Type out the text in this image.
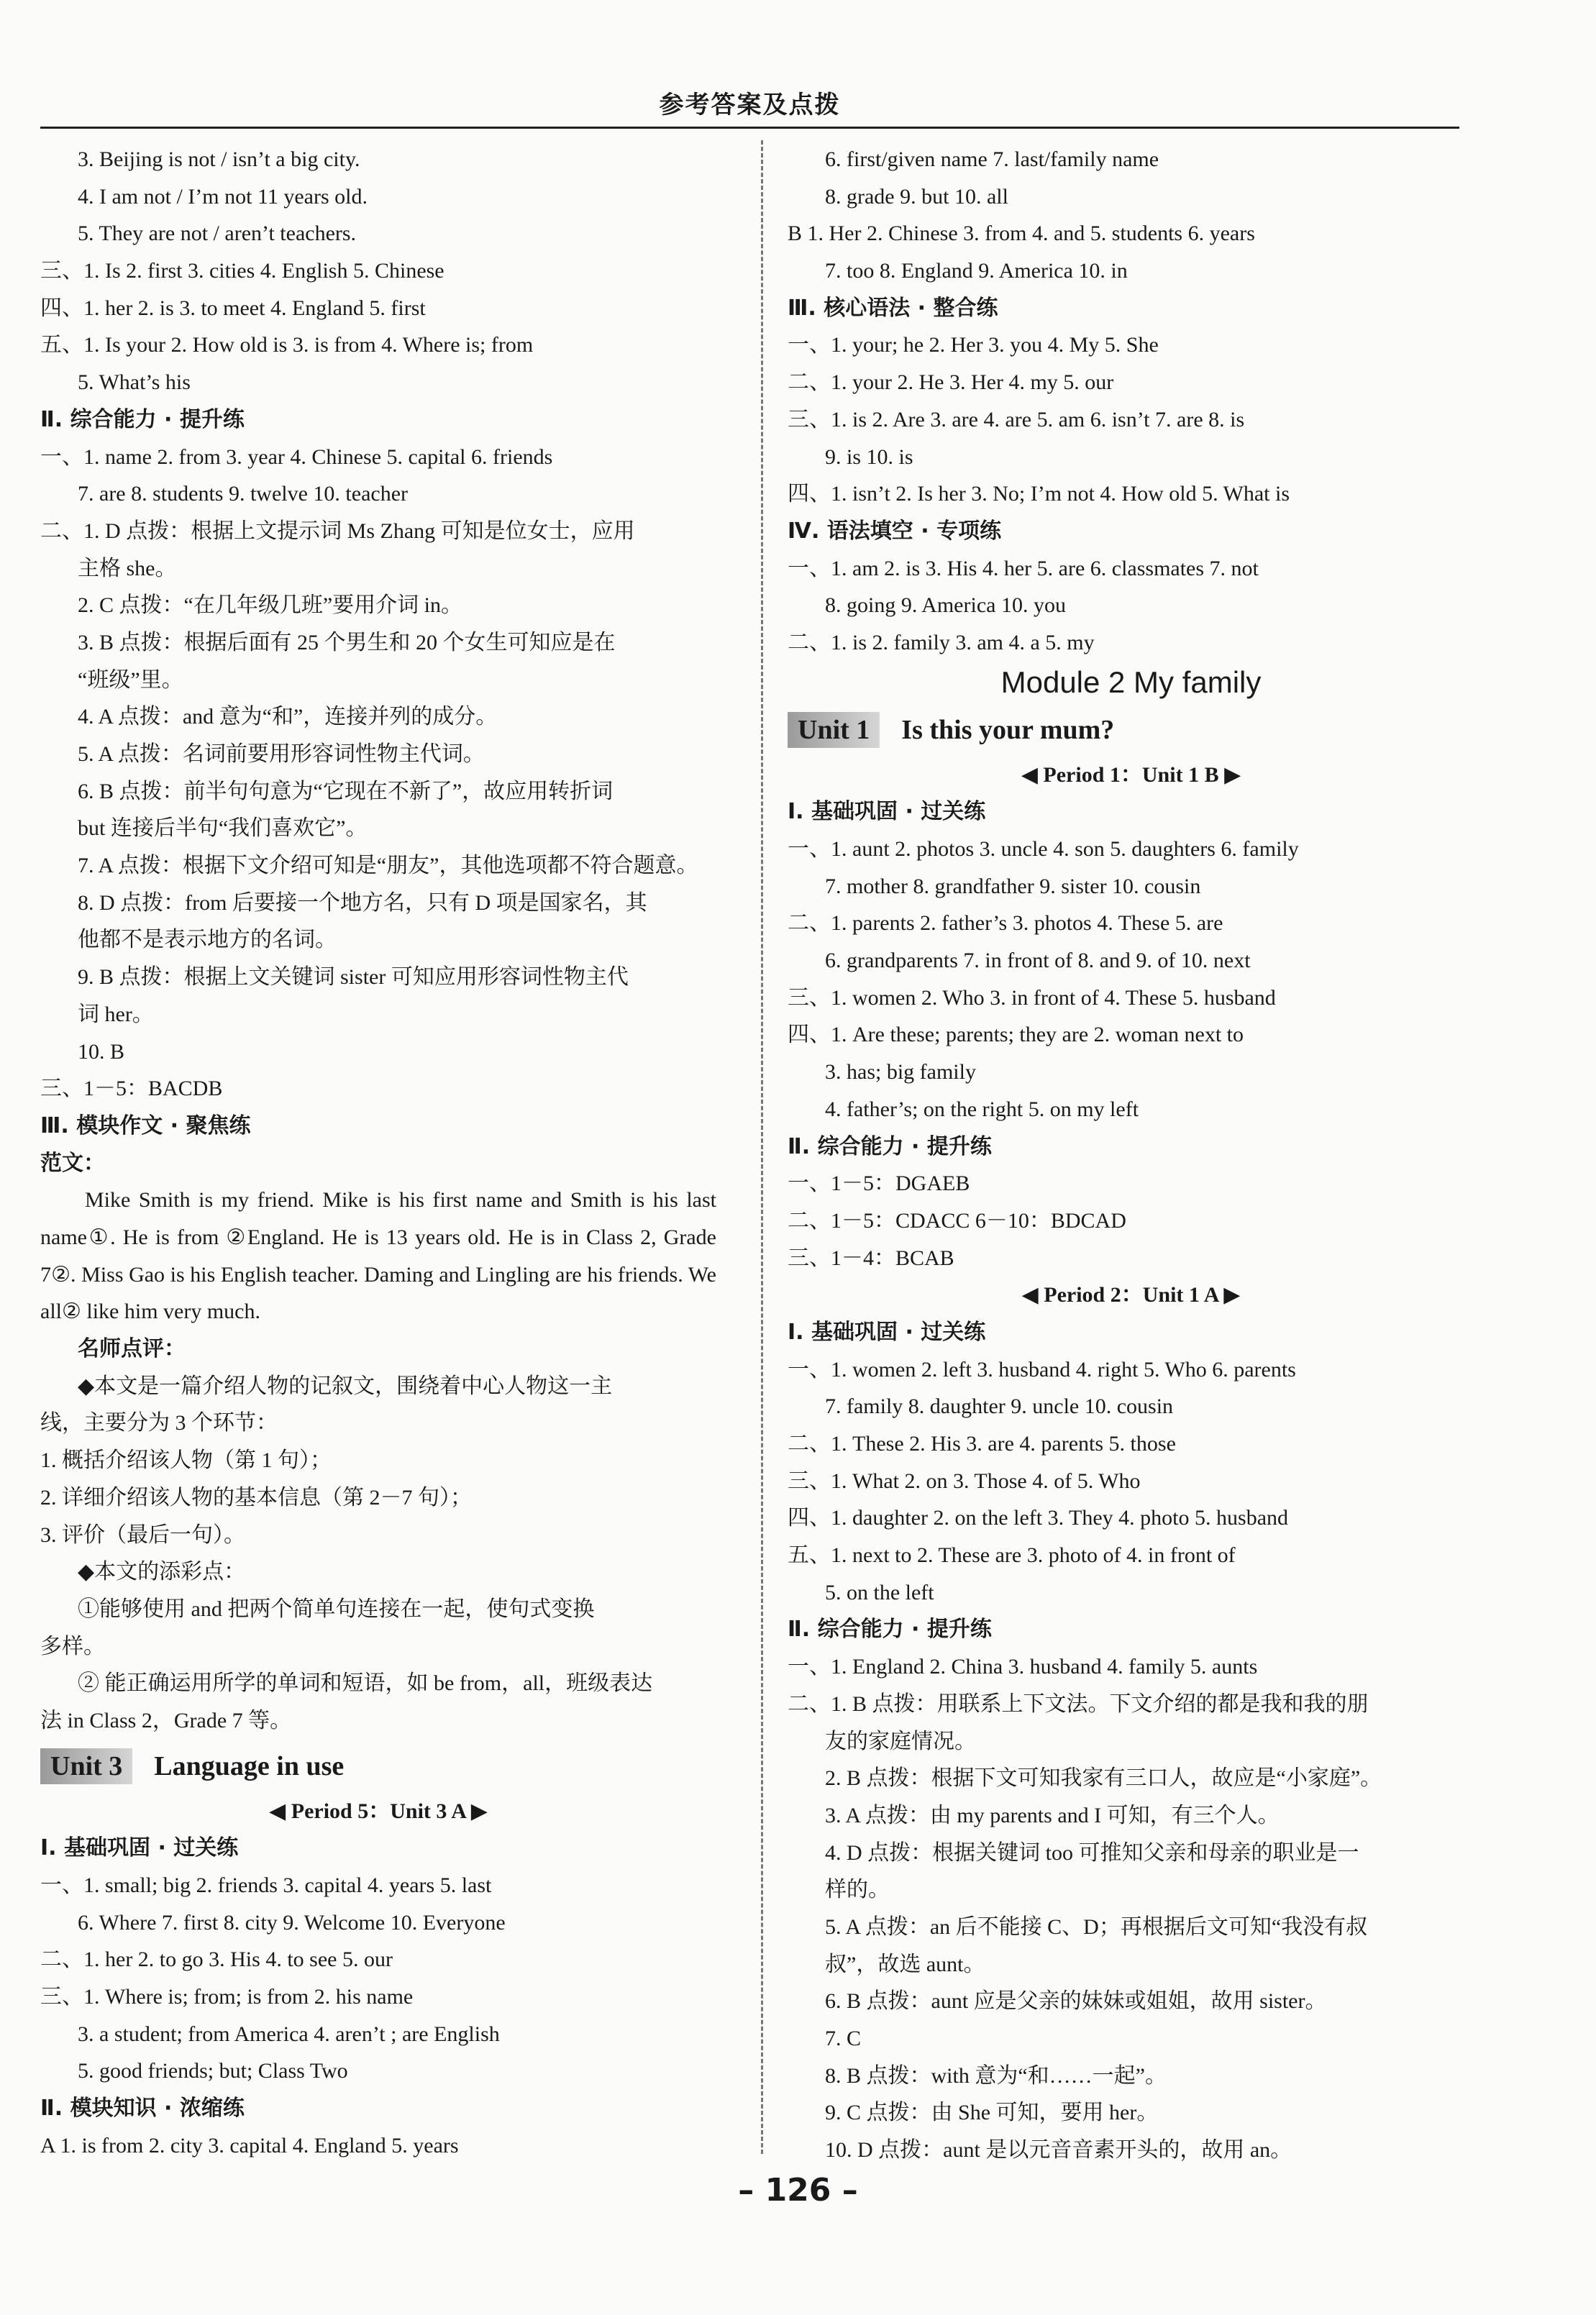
参考答案及点拨
3. Beijing is not / isn’t a big city.
4. I am not / I’m not 11 years old.
5. They are not / aren’t teachers.
三、1. Is 2. first 3. cities 4. English 5. Chinese
四、1. her 2. is 3. to meet 4. England 5. first
五、1. Is your 2. How old is 3. is from 4. Where is; from
5. What’s his
Ⅱ. 综合能力 · 提升练
一、1. name 2. from 3. year 4. Chinese 5. capital 6. friends
7. are 8. students 9. twelve 10. teacher
二、1. D 点拨：根据上文提示词 Ms Zhang 可知是位女士，应用
主格 she。
2. C 点拨：“在几年级几班”要用介词 in。
3. B 点拨：根据后面有 25 个男生和 20 个女生可知应是在
“班级”里。
4. A 点拨：and 意为“和”，连接并列的成分。
5. A 点拨：名词前要用形容词性物主代词。
6. B 点拨：前半句句意为“它现在不新了”，故应用转折词
but 连接后半句“我们喜欢它”。
7. A 点拨：根据下文介绍可知是“朋友”，其他选项都不符合题意。
8. D 点拨：from 后要接一个地方名，只有 D 项是国家名，其
他都不是表示地方的名词。
9. B 点拨：根据上文关键词 sister 可知应用形容词性物主代
词 her。
10. B
三、1－5：BACDB
Ⅲ. 模块作文 · 聚焦练
范文：
Mike Smith is my friend. Mike is his first name and Smith is his last name①. He is from ②England. He is 13 years old. He is in Class 2, Grade 7②. Miss Gao is his English teacher. Daming and Lingling are his friends. We all② like him very much.
名师点评：
◆本文是一篇介绍人物的记叙文，围绕着中心人物这一主
线，主要分为 3 个环节：
1. 概括介绍该人物（第 1 句）；
2. 详细介绍该人物的基本信息（第 2－7 句）；
3. 评价（最后一句）。
◆本文的添彩点：
①能够使用 and 把两个简单句连接在一起，使句式变换
多样。
② 能正确运用所学的单词和短语，如 be from，all，班级表达
法 in Class 2，Grade 7 等。
Unit 3	Language in use
◀ Period 5：Unit 3 A ▶
Ⅰ. 基础巩固 · 过关练
一、1. small; big 2. friends 3. capital 4. years 5. last
6. Where 7. first 8. city 9. Welcome 10. Everyone
二、1. her 2. to go 3. His 4. to see 5. our
三、1. Where is; from; is from 2. his name
3. a student; from America 4. aren’t ; are English
5. good friends; but; Class Two
Ⅱ. 模块知识 · 浓缩练
A 1. is from 2. city 3. capital 4. England 5. years
6. first/given name 7. last/family name
8. grade 9. but 10. all
B 1. Her 2. Chinese 3. from 4. and 5. students 6. years
7. too 8. England 9. America 10. in
Ⅲ. 核心语法 · 整合练
一、1. your; he 2. Her 3. you 4. My 5. She
二、1. your 2. He 3. Her 4. my 5. our
三、1. is 2. Are 3. are 4. are 5. am 6. isn’t 7. are 8. is
9. is 10. is
四、1. isn’t 2. Is her 3. No; I’m not 4. How old 5. What is
Ⅳ. 语法填空 · 专项练
一、1. am 2. is 3. His 4. her 5. are 6. classmates 7. not
8. going 9. America 10. you
二、1. is 2. family 3. am 4. a 5. my
Module 2 My family
Unit 1	Is this your mum?
◀ Period 1：Unit 1 B ▶
Ⅰ. 基础巩固 · 过关练
一、1. aunt 2. photos 3. uncle 4. son 5. daughters 6. family
7. mother 8. grandfather 9. sister 10. cousin
二、1. parents 2. father’s 3. photos 4. These 5. are
6. grandparents 7. in front of 8. and 9. of 10. next
三、1. women 2. Who 3. in front of 4. These 5. husband
四、1. Are these; parents; they are 2. woman next to
3. has; big family
4. father’s; on the right 5. on my left
Ⅱ. 综合能力 · 提升练
一、1－5：DGAEB
二、1－5：CDACC 6－10：BDCAD
三、1－4：BCAB
◀ Period 2：Unit 1 A ▶
Ⅰ. 基础巩固 · 过关练
一、1. women 2. left 3. husband 4. right 5. Who 6. parents
7. family 8. daughter 9. uncle 10. cousin
二、1. These 2. His 3. are 4. parents 5. those
三、1. What 2. on 3. Those 4. of 5. Who
四、1. daughter 2. on the left 3. They 4. photo 5. husband
五、1. next to 2. These are 3. photo of 4. in front of
5. on the left
Ⅱ. 综合能力 · 提升练
一、1. England 2. China 3. husband 4. family 5. aunts
二、1. B 点拨：用联系上下文法。下文介绍的都是我和我的朋
友的家庭情况。
2. B 点拨：根据下文可知我家有三口人，故应是“小家庭”。
3. A 点拨：由 my parents and I 可知，有三个人。
4. D 点拨：根据关键词 too 可推知父亲和母亲的职业是一
样的。
5. A 点拨：an 后不能接 C、D；再根据后文可知“我没有叔
叔”，故选 aunt。
6. B 点拨：aunt 应是父亲的妹妹或姐姐，故用 sister。
7. C
8. B 点拨：with 意为“和……一起”。
9. C 点拨：由 She 可知，要用 her。
10. D 点拨：aunt 是以元音音素开头的，故用 an。
– 126 –
